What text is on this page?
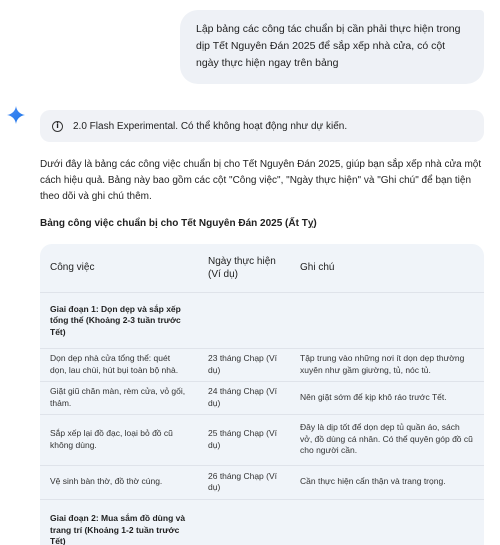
Lập bảng các công tác chuẩn bị cần phải thực hiện trong dịp Tết Nguyên Đán 2025 để sắp xếp nhà cửa, có cột ngày thực hiện ngay trên bảng
i	2.0 Flash Experimental. Có thể không hoạt động như dự kiến.

Dưới đây là bảng các công việc chuẩn bị cho Tết Nguyên Đán 2025, giúp bạn sắp xếp nhà cửa một cách hiệu quả. Bảng này bao gồm các cột "Công việc", "Ngày thực hiện" và "Ghi chú" để bạn tiện theo dõi và ghi chú thêm.

Bảng công việc chuẩn bị cho Tết Nguyên Đán 2025 (Ất Tỵ)

Công việc	Ngày thực hiện (Ví dụ)	Ghi chú
Giai đoạn 1: Dọn dẹp và sắp xếp tổng thể (Khoảng 2-3 tuần trước Tết)		
Dọn dẹp nhà cửa tổng thể: quét dọn, lau chùi, hút bụi toàn bộ nhà.	23 tháng Chạp (Ví dụ)	Tập trung vào những nơi ít dọn dẹp thường xuyên như gầm giường, tủ, nóc tủ.
Giặt giũ chăn màn, rèm cửa, vỏ gối, thảm.	24 tháng Chạp (Ví dụ)	Nên giặt sớm để kịp khô ráo trước Tết.
Sắp xếp lại đồ đạc, loại bỏ đồ cũ không dùng.	25 tháng Chạp (Ví dụ)	Đây là dịp tốt để dọn dẹp tủ quần áo, sách vở, đồ dùng cá nhân. Có thể quyên góp đồ cũ cho người cần.
Vệ sinh bàn thờ, đồ thờ cúng.	26 tháng Chạp (Ví dụ)	Cần thực hiện cẩn thận và trang trọng.
Giai đoạn 2: Mua sắm đồ dùng và trang trí (Khoảng 1-2 tuần trước Tết)		
